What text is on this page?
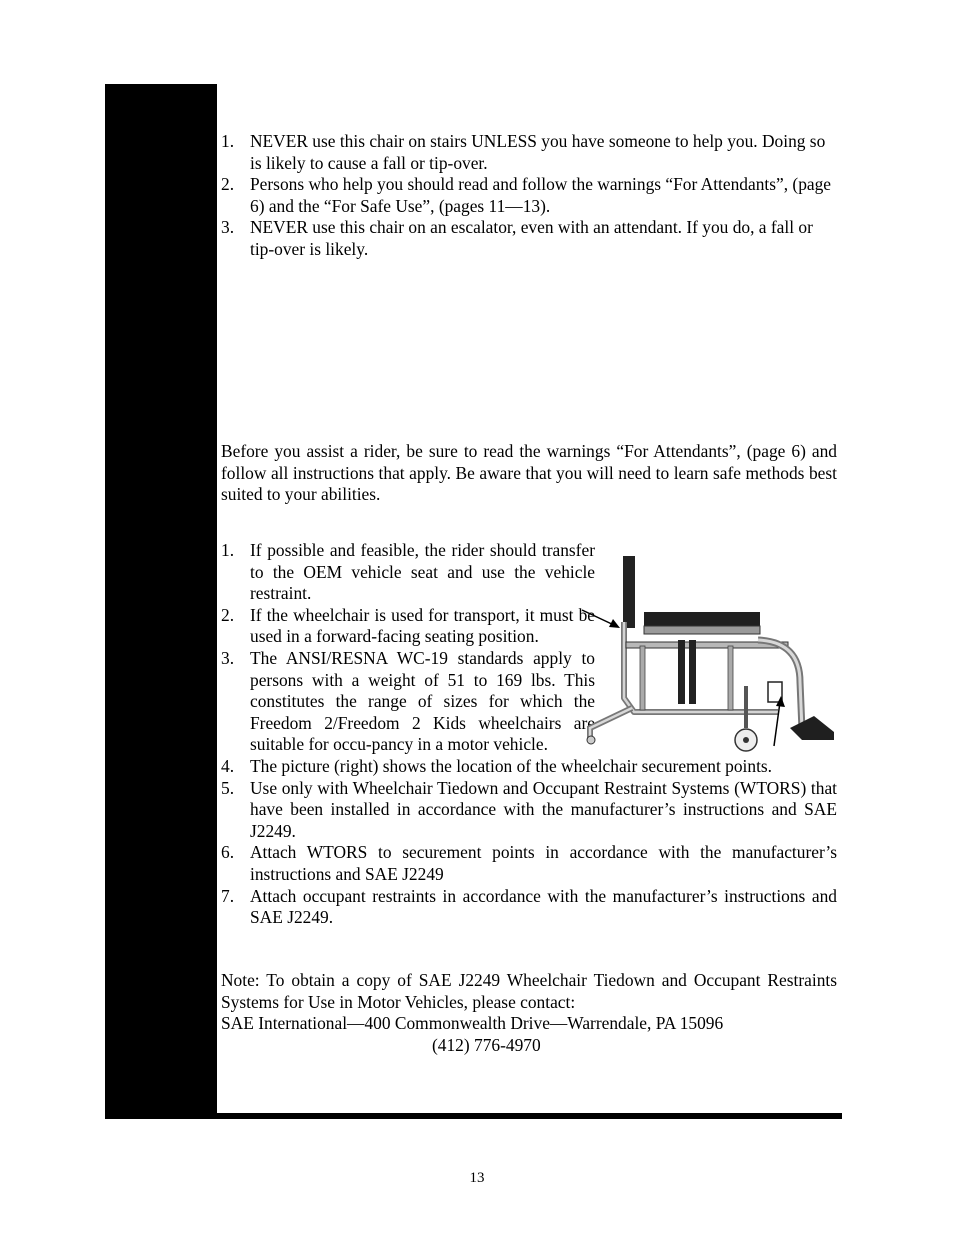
1. NEVER use this chair on stairs UNLESS you have someone to help you. Doing so is likely to cause a fall or tip-over.
2. Persons who help you should read and follow the warnings “For Attendants”, (page 6) and the “For Safe Use”, (pages 11—13).
3. NEVER use this chair on an escalator, even with an attendant. If you do, a fall or tip-over is likely.
Before you assist a rider, be sure to read the warnings “For Attendants”, (page 6) and follow all instructions that apply. Be aware that you will need to learn safe methods best suited to your abilities.
1. If possible and feasible, the rider should transfer to the OEM vehicle seat and use the vehicle restraint.
2. If the wheelchair is used for transport, it must be used in a forward-facing seating position.
3. The ANSI/RESNA WC-19 standards apply to persons with a weight of 51 to 169 lbs. This constitutes the range of sizes for which the Freedom 2/Freedom 2 Kids wheelchairs are suitable for occu-pancy in a motor vehicle.
4. The picture (right) shows the location of the wheelchair securement points.
5. Use only with Wheelchair Tiedown and Occupant Restraint Systems (WTORS) that have been installed in accordance with the manufacturer’s instructions and SAE J2249.
6. Attach WTORS to securement points in accordance with the manufacturer’s instructions and SAE J2249
7. Attach occupant restraints in accordance with the manufacturer’s instructions and SAE J2249.
Note: To obtain a copy of SAE J2249 Wheelchair Tiedown and Occupant Restraints Systems for Use in Motor Vehicles, please contact:
SAE International—400 Commonwealth Drive—Warrendale, PA 15096
(412) 776-4970
13
